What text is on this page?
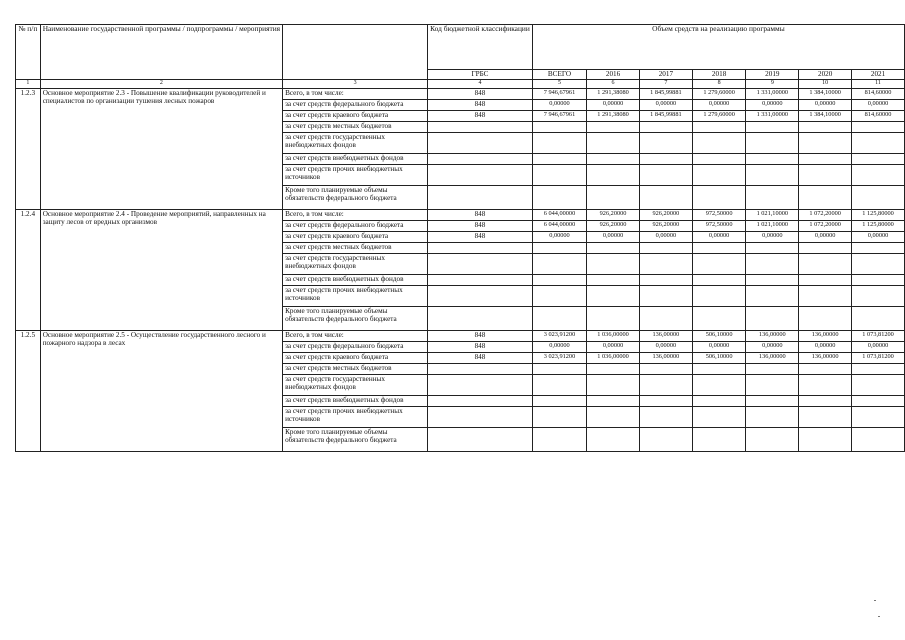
№ п/п	Наименование государственной программы / подпрограммы / мероприятия		Код бюджетной классификации	Объем средств на реализацию программы						
			ГРБС	ВСЕГО	2016	2017	2018	2019	2020	2021
1	2	3	4	5	6	7	8	9	10	11
1.2.3	Основное мероприятие 2.3 - Повышение квалификации руководителей и специалистов по организации тушения лесных пожаров	Всего, в том числе:	848	7 946,67961	1 291,38080	1 845,99881	1 279,60000	1 331,00000	1 384,10000	814,60000
		за счет средств федерального бюджета	848	0,00000	0,00000	0,00000	0,00000	0,00000	0,00000	0,00000
		за счет средств краевого бюджета	848	7 946,67961	1 291,38080	1 845,99881	1 279,60000	1 331,00000	1 384,10000	814,60000
		за счет средств местных бюджетов								
		за счет средств государственных внебюджетных фондов								
		за счет средств внебюджетных фондов								
		за счет средств прочих внебюджетных источников								
		Кроме того планируемые объемы обязательств федерального бюджета								
1.2.4	Основное мероприятие 2.4 - Проведение мероприятий, направленных на защиту лесов от вредных организмов	Всего, в том числе:	848	6 044,00000	926,20000	926,20000	972,50000	1 021,10000	1 072,20000	1 125,80000
		за счет средств федерального бюджета	848	6 044,00000	926,20000	926,20000	972,50000	1 021,10000	1 072,20000	1 125,80000
		за счет средств краевого бюджета	848	0,00000	0,00000	0,00000	0,00000	0,00000	0,00000	0,00000
		за счет средств местных бюджетов								
		за счет средств государственных внебюджетных фондов								
		за счет средств внебюджетных фондов								
		за счет средств прочих внебюджетных источников								
		Кроме того планируемые объемы обязательств федерального бюджета								
1.2.5	Основное мероприятие 2.5 - Осуществление государственного лесного и пожарного надзора в лесах	Всего, в том числе:	848	3 023,91200	1 036,00000	136,00000	506,10000	136,00000	136,00000	1 073,81200
		за счет средств федерального бюджета	848	0,00000	0,00000	0,00000	0,00000	0,00000	0,00000	0,00000
		за счет средств краевого бюджета	848	3 023,91200	1 036,00000	136,00000	506,10000	136,00000	136,00000	1 073,81200
		за счет средств местных бюджетов								
		за счет средств государственных внебюджетных фондов								
		за счет средств внебюджетных фондов								
		за счет средств прочих внебюджетных источников								
		Кроме того планируемые объемы обязательств федерального бюджета								
